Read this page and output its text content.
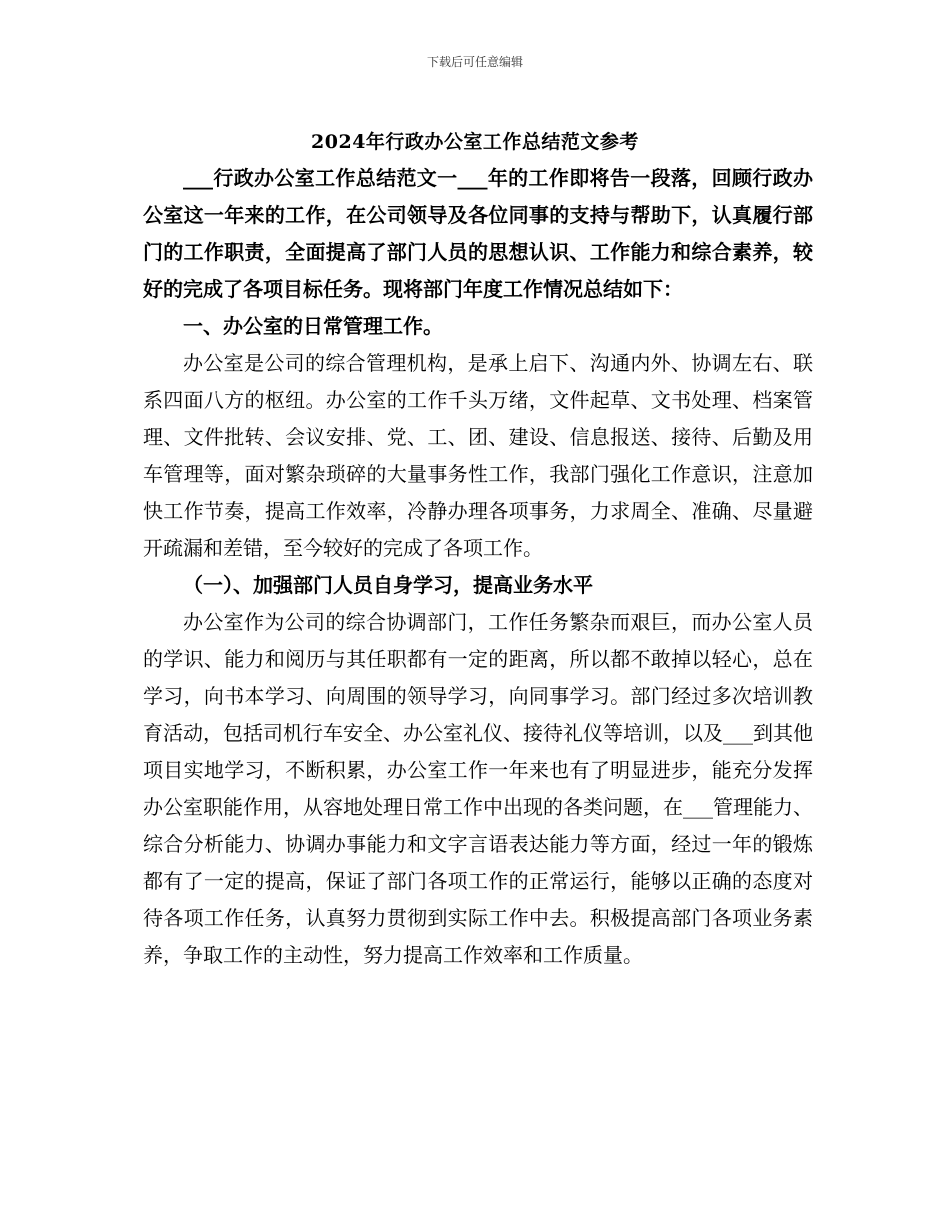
下载后可任意编辑
2024年行政办公室工作总结范文参考

___行政办公室工作总结范文一___年的工作即将告一段落，回顾行政办公室这一年来的工作，在公司领导及各位同事的支持与帮助下，认真履行部门的工作职责，全面提高了部门人员的思想认识、工作能力和综合素养，较好的完成了各项目标任务。现将部门年度工作情况总结如下：

一、办公室的日常管理工作。

办公室是公司的综合管理机构，是承上启下、沟通内外、协调左右、联系四面八方的枢纽。办公室的工作千头万绪，文件起草、文书处理、档案管理、文件批转、会议安排、党、工、团、建设、信息报送、接待、后勤及用车管理等，面对繁杂琐碎的大量事务性工作，我部门强化工作意识，注意加快工作节奏，提高工作效率，冷静办理各项事务，力求周全、准确、尽量避开疏漏和差错，至今较好的完成了各项工作。

（一）、加强部门人员自身学习，提高业务水平

办公室作为公司的综合协调部门，工作任务繁杂而艰巨，而办公室人员的学识、能力和阅历与其任职都有一定的距离，所以都不敢掉以轻心，总在学习，向书本学习、向周围的领导学习，向同事学习。部门经过多次培训教育活动，包括司机行车安全、办公室礼仪、接待礼仪等培训，以及___到其他项目实地学习，不断积累，办公室工作一年来也有了明显进步，能充分发挥办公室职能作用，从容地处理日常工作中出现的各类问题，在___管理能力、综合分析能力、协调办事能力和文字言语表达能力等方面，经过一年的锻炼都有了一定的提高，保证了部门各项工作的正常运行，能够以正确的态度对待各项工作任务，认真努力贯彻到实际工作中去。积极提高部门各项业务素养，争取工作的主动性，努力提高工作效率和工作质量。
